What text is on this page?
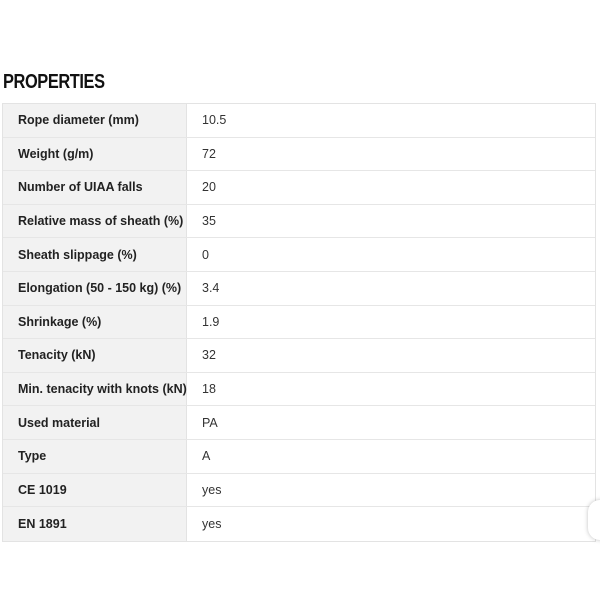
PROPERTIES
Rope diameter (mm)	10.5
Weight (g/m)	72
Number of UIAA falls	20
Relative mass of sheath (%)	35
Sheath slippage (%)	0
Elongation (50 - 150 kg) (%)	3.4
Shrinkage (%)	1.9
Tenacity (kN)	32
Min. tenacity with knots (kN)	18
Used material	PA
Type	A
CE 1019	yes
EN 1891	yes
